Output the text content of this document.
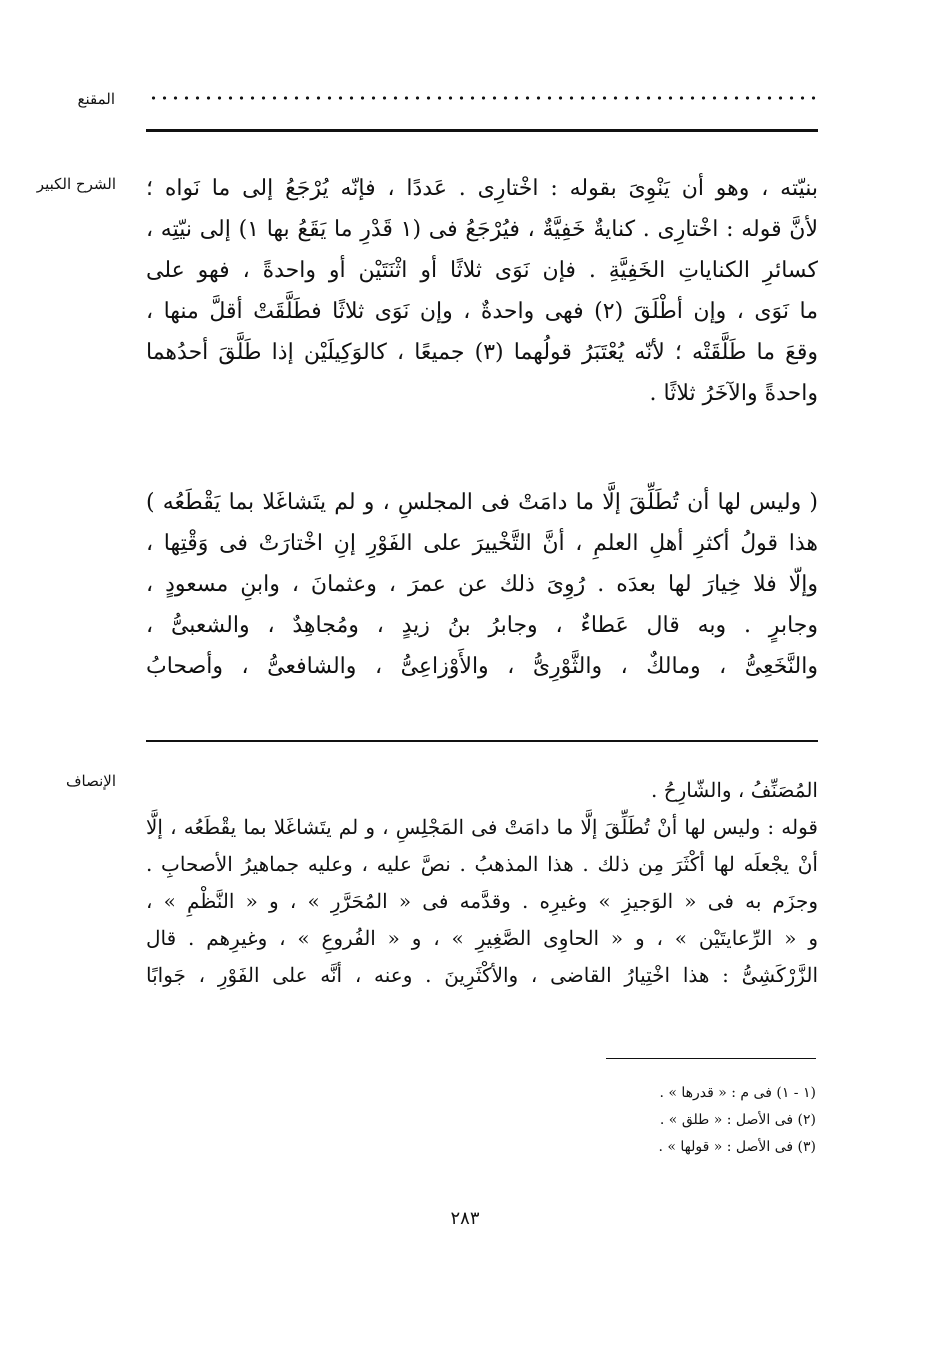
المقنع
الشرح الكبير بنيّته ، وهو أن يَنْوِىَ بقوله : اخْتارِى . عَددًا ، فإنّه يُرْجَعُ إلى ما نَواه ؛
لأنَّ قوله : اخْتارِى . كنايةٌ خَفِيَّةٌ ، فيُرْجَعُ فى (١ قَدْرِ ما يَقَعُ بها ١) إلى نيّتِه ،
كسائرِ الكناياتِ الخَفِيَّةِ . فإن نَوَى ثلاثًا أو اثْنَتَيْن أو واحدةً ، فهو على
ما نَوَى ، وإن أطْلَقَ (٢) فهى واحدةٌ ، وإن نَوَى ثلاثًا فطَلَّقَتْ أقلَّ منها ،
وقعَ ما طَلَّقَتْه ؛ لأنّه يُعْتَبَرُ قولُهما (٣) جميعًا ، كالوَكِيلَيْن إذا طَلَّقَ أحدُهما
واحدةً والآخَرُ ثلاثًا .
( وليس لها أن تُطَلِّقَ إلَّا ما دامَتْ فى المجلسِ ، و لم يتَشاغَلا بما يَقْطَعُه )
هذا قولُ أكثرِ أهلِ العلمِ ، أنَّ التَّخْييرَ على الفَوْرِ إنِ اخْتارَتْ فى وَقْتِها ،
وإلّا فلا خِيارَ لها بعدَه . رُوِىَ ذلك عن عمرَ ، وعثمانَ ، وابنِ مسعودٍ ،
وجابرٍ . وبه قال عَطاءٌ ، وجابرُ بنُ زيدٍ ، ومُجاهِدٌ ، والشعبىُّ ،
والنَّخَعِىُّ ، ومالكٌ ، والثَّوْرِىُّ ، والأَوْزاعِىُّ ، والشافعىُّ ، وأصحابُ
الإنصاف	المُصَنِّفُ ، والشّارِحُ .
قوله : وليس لها أنْ تُطَلِّقَ إلَّا ما دامَتْ فى المَجْلِسِ ، و لم يتَشاغَلا بما يقْطَعُه ، إلَّا
أنْ يجْعلَه لها أكْثَرَ مِن ذلك . هذا المذهبُ . نصَّ عليه ، وعليه جماهيرُ الأصحابِ .
وجزَم به فى « الوَجيزِ » وغيرِه . وقدَّمه فى « المُحَرَّرِ » ، و « النَّظْمِ » ،
و « الرِّعايتَيْن » ، و « الحاوِى الصَّغِيرِ » ، و « الفُروعِ » ، وغيرِهم . قال
الزَّرْكَشِىُّ : هذا اخْتِيارُ القاضى ، والأكْثَرِينَ . وعنه ، أنَّه على الفَوْرِ ، جَوابًا
(١ - ١) فى م : « قدرها » .
(٢) فى الأصل : « طلق » .
(٣) فى الأصل : « قولها » .
٢٨٣
